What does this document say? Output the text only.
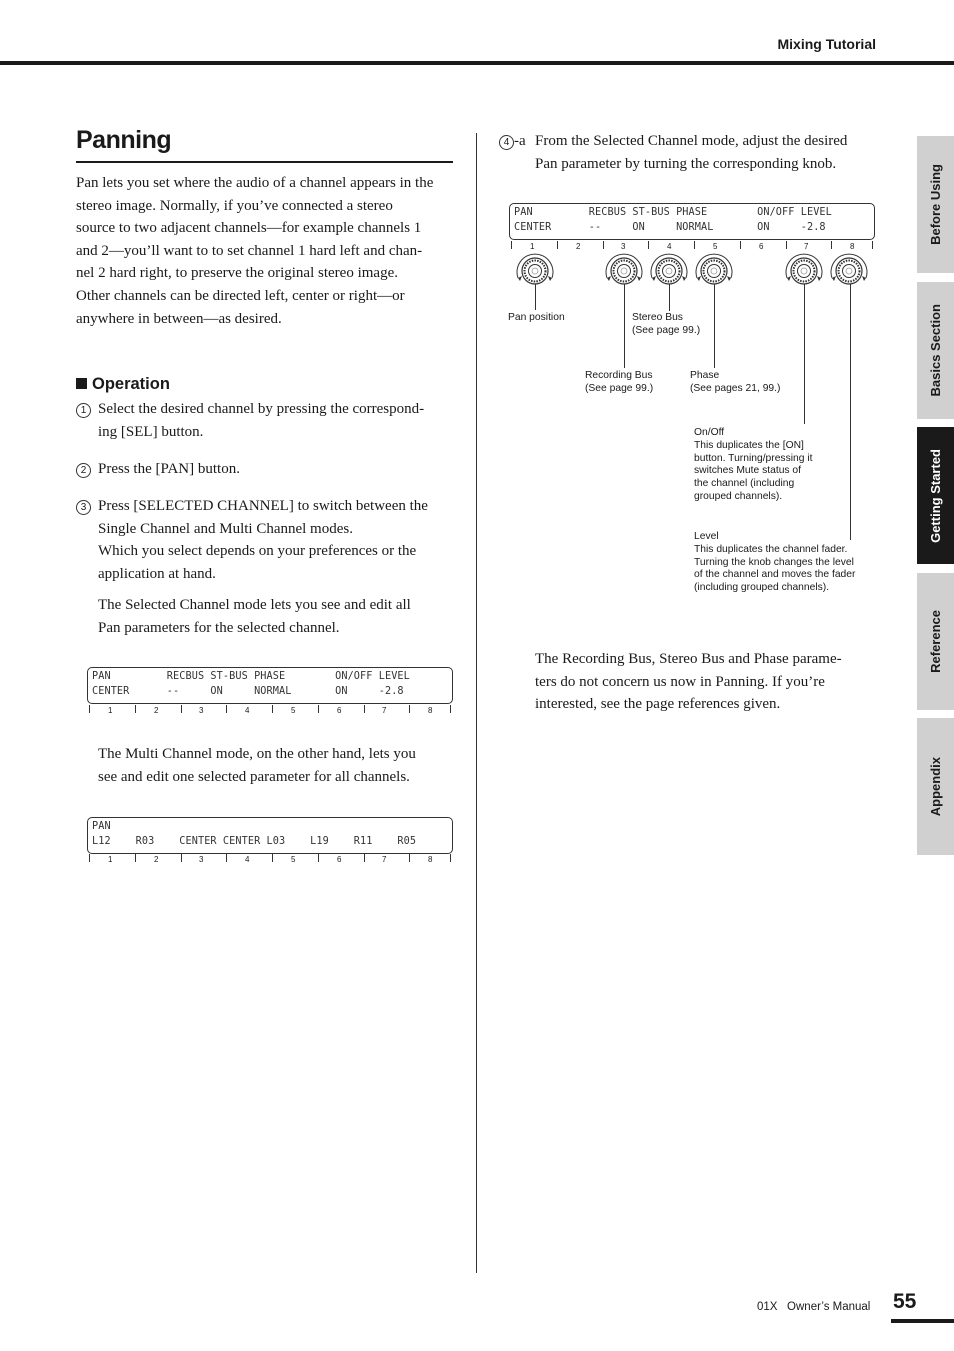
Mixing Tutorial
Before Using
Basics Section
Getting Started
Reference
Appendix
Panning
Pan lets you set where the audio of a channel appears in the
stereo image. Normally, if you’ve connected a stereo
source to two adjacent channels—for example channels 1
and 2—you’ll want to to set channel 1 hard left and chan-
nel 2 hard right, to preserve the original stereo image.
Other channels can be directed left, center or right—or
anywhere in between—as desired.
Operation
1 Select the desired channel by pressing the correspond-
ing [SEL] button.
2 Press the [PAN] button.
3 Press [SELECTED CHANNEL] to switch between the
Single Channel and Multi Channel modes.
Which you select depends on your preferences or the
application at hand.
The Selected Channel mode lets you see and edit all
Pan parameters for the selected channel.
PAN         RECBUS ST-BUS PHASE        ON/OFF LEVEL
CENTER      --     ON     NORMAL       ON     -2.8
1	2	3	4	5	6	7	8
The Multi Channel mode, on the other hand, lets you
see and edit one selected parameter for all channels.
PAN
L12    R03    CENTER CENTER L03    L19    R11    R05
1	2	3	4	5	6	7	8
4 -a From the Selected Channel mode, adjust the desired
Pan parameter by turning the corresponding knob.
PAN         RECBUS ST-BUS PHASE        ON/OFF LEVEL
CENTER      --     ON     NORMAL       ON     -2.8
1	2	3	4	5	6	7	8
Pan position	Stereo Bus
(See page 99.)
Recording Bus
(See page 99.)
Phase
(See pages 21, 99.)
On/Off
This duplicates the [ON]
button. Turning/pressing it
switches Mute status of
the channel (including
grouped channels).
Level
This duplicates the channel fader.
Turning the knob changes the level
of the channel and moves the fader
(including grouped channels).
The Recording Bus, Stereo Bus and Phase parame-
ters do not concern us now in Panning. If you’re
interested, see the page references given.
01X   Owner’s Manual 55
